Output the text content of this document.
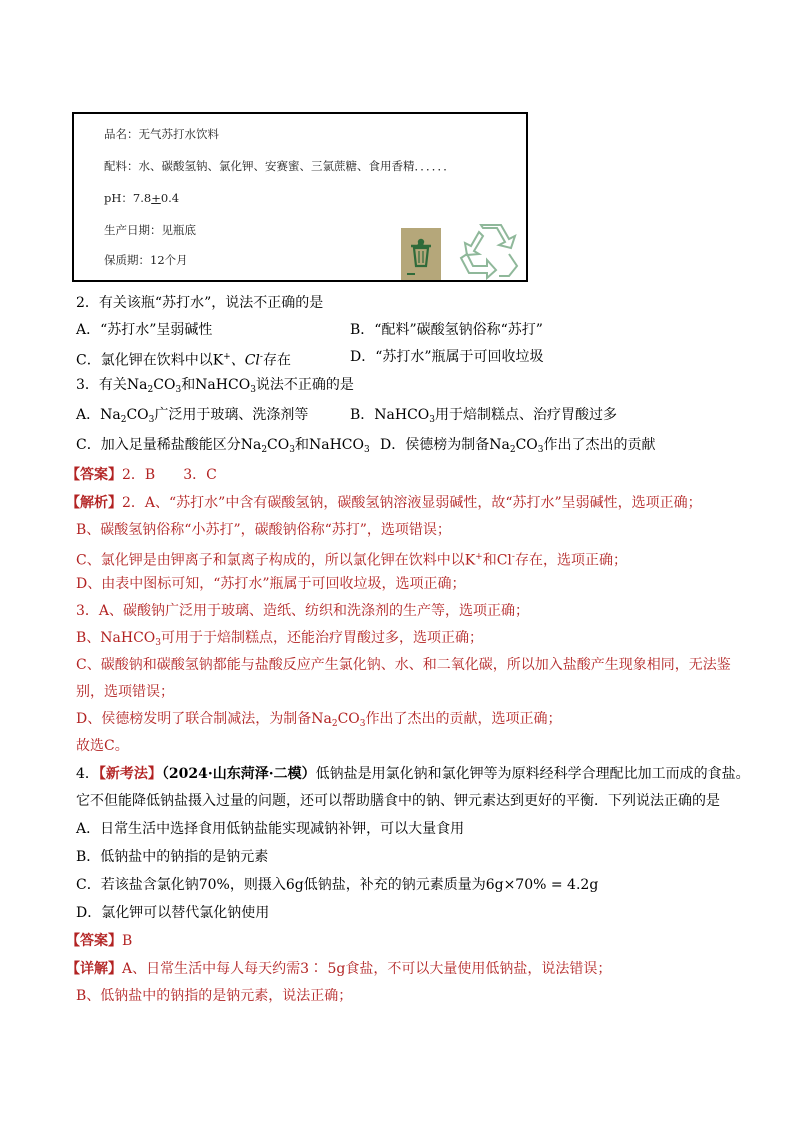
品名：无气苏打水饮料
配料：水、碳酸氢钠、氯化钾、安赛蜜、三氯蔗糖、食用香精．．．．．．
pH：7.8+0.4
生产日期：见瓶底
保质期：12个月
2．有关该瓶“苏打水”，说法不正确的是
A．“苏打水”呈弱碱性	B．“配料”碳酸氢钠俗称“苏打”
C．氯化钾在饮料中以K+、Cl-存在	D．“苏打水”瓶属于可回收垃圾
3．有关$Na_2CO_3$和NaHCO$_3$说法不正确的是
A．$Na_2CO_3$广泛用于玻璃、洗涤剂等	B．NaHCO$_3$用于焙制糕点、治疗胃酸过多
C．加入足量稀盐酸能区分$Na_2CO_3$和NaHCO$_3$ D．侯德榜为制备$Na_2CO_3$作出了杰出的贡献
【答案】2．B　　3．C
【解析】2．A、“苏打水”中含有碳酸氢钠，碳酸氢钠溶液显弱碱性，故“苏打水”呈弱碱性，选项正确；
B、碳酸氢钠俗称“小苏打”，碳酸钠俗称“苏打”，选项错误；
C、氯化钾是由钾离子和氯离子构成的，所以氯化钾在饮料中以K+和Cl-存在，选项正确；
D、由表中图标可知，“苏打水”瓶属于可回收垃圾，选项正确；
3．A、碳酸钠广泛用于玻璃、造纸、纺织和洗涤剂的生产等，选项正确；
B、NaHCO$_3$可用于于焙制糕点，还能治疗胃酸过多，选项正确；
C、碳酸钠和碳酸氢钠都能与盐酸反应产生氯化钠、水、和二氧化碳，所以加入盐酸产生现象相同，无法鉴
别，选项错误；
D、侯德榜发明了联合制减法，为制备$Na_2CO_3$作出了杰出的贡献，选项正确；
故选C。
4．【新考法】（2024·山东菏泽·二模）低钠盐是用氯化钠和氯化钾等为原料经科学合理配比加工而成的食盐。
它不但能降低钠盐摄入过量的问题，还可以帮助膳食中的钠、钾元素达到更好的平衡．下列说法正确的是
A．日常生活中选择食用低钠盐能实现减钠补钾，可以大量食用
B．低钠盐中的钠指的是钠元素
C．若该盐含氯化钠70%，则摄入6g低钠盐，补充的钠元素质量为6g×70% = 4.2g
D．氯化钾可以替代氯化钠使用
【答案】B
【详解】A、日常生活中每人每天约需3∶ 5g食盐，不可以大量使用低钠盐，说法错误；
B、低钠盐中的钠指的是钠元素，说法正确；
